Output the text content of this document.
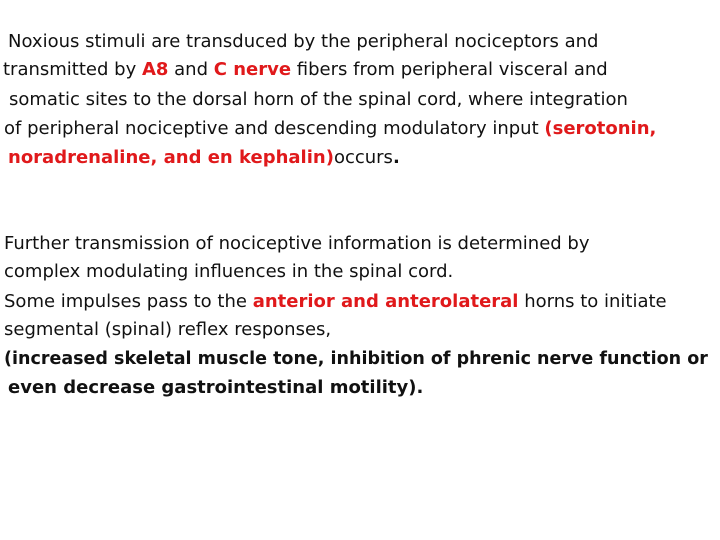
Noxious stimuli are transduced by the peripheral nociceptors and
transmitted by A8 and C nerve fibers from peripheral visceral and
somatic sites to the dorsal horn of the spinal cord, where integration
of peripheral nociceptive and descending modulatory input (serotonin,
noradrenaline, and en kephalin)occurs.
Further transmission of nociceptive information is determined by
complex modulating influences in the spinal cord.
Some impulses pass to the anterior and anterolateral horns to initiate
segmental (spinal) reflex responses,
(increased skeletal muscle tone, inhibition of phrenic nerve function or
even decrease gastrointestinal motility).
